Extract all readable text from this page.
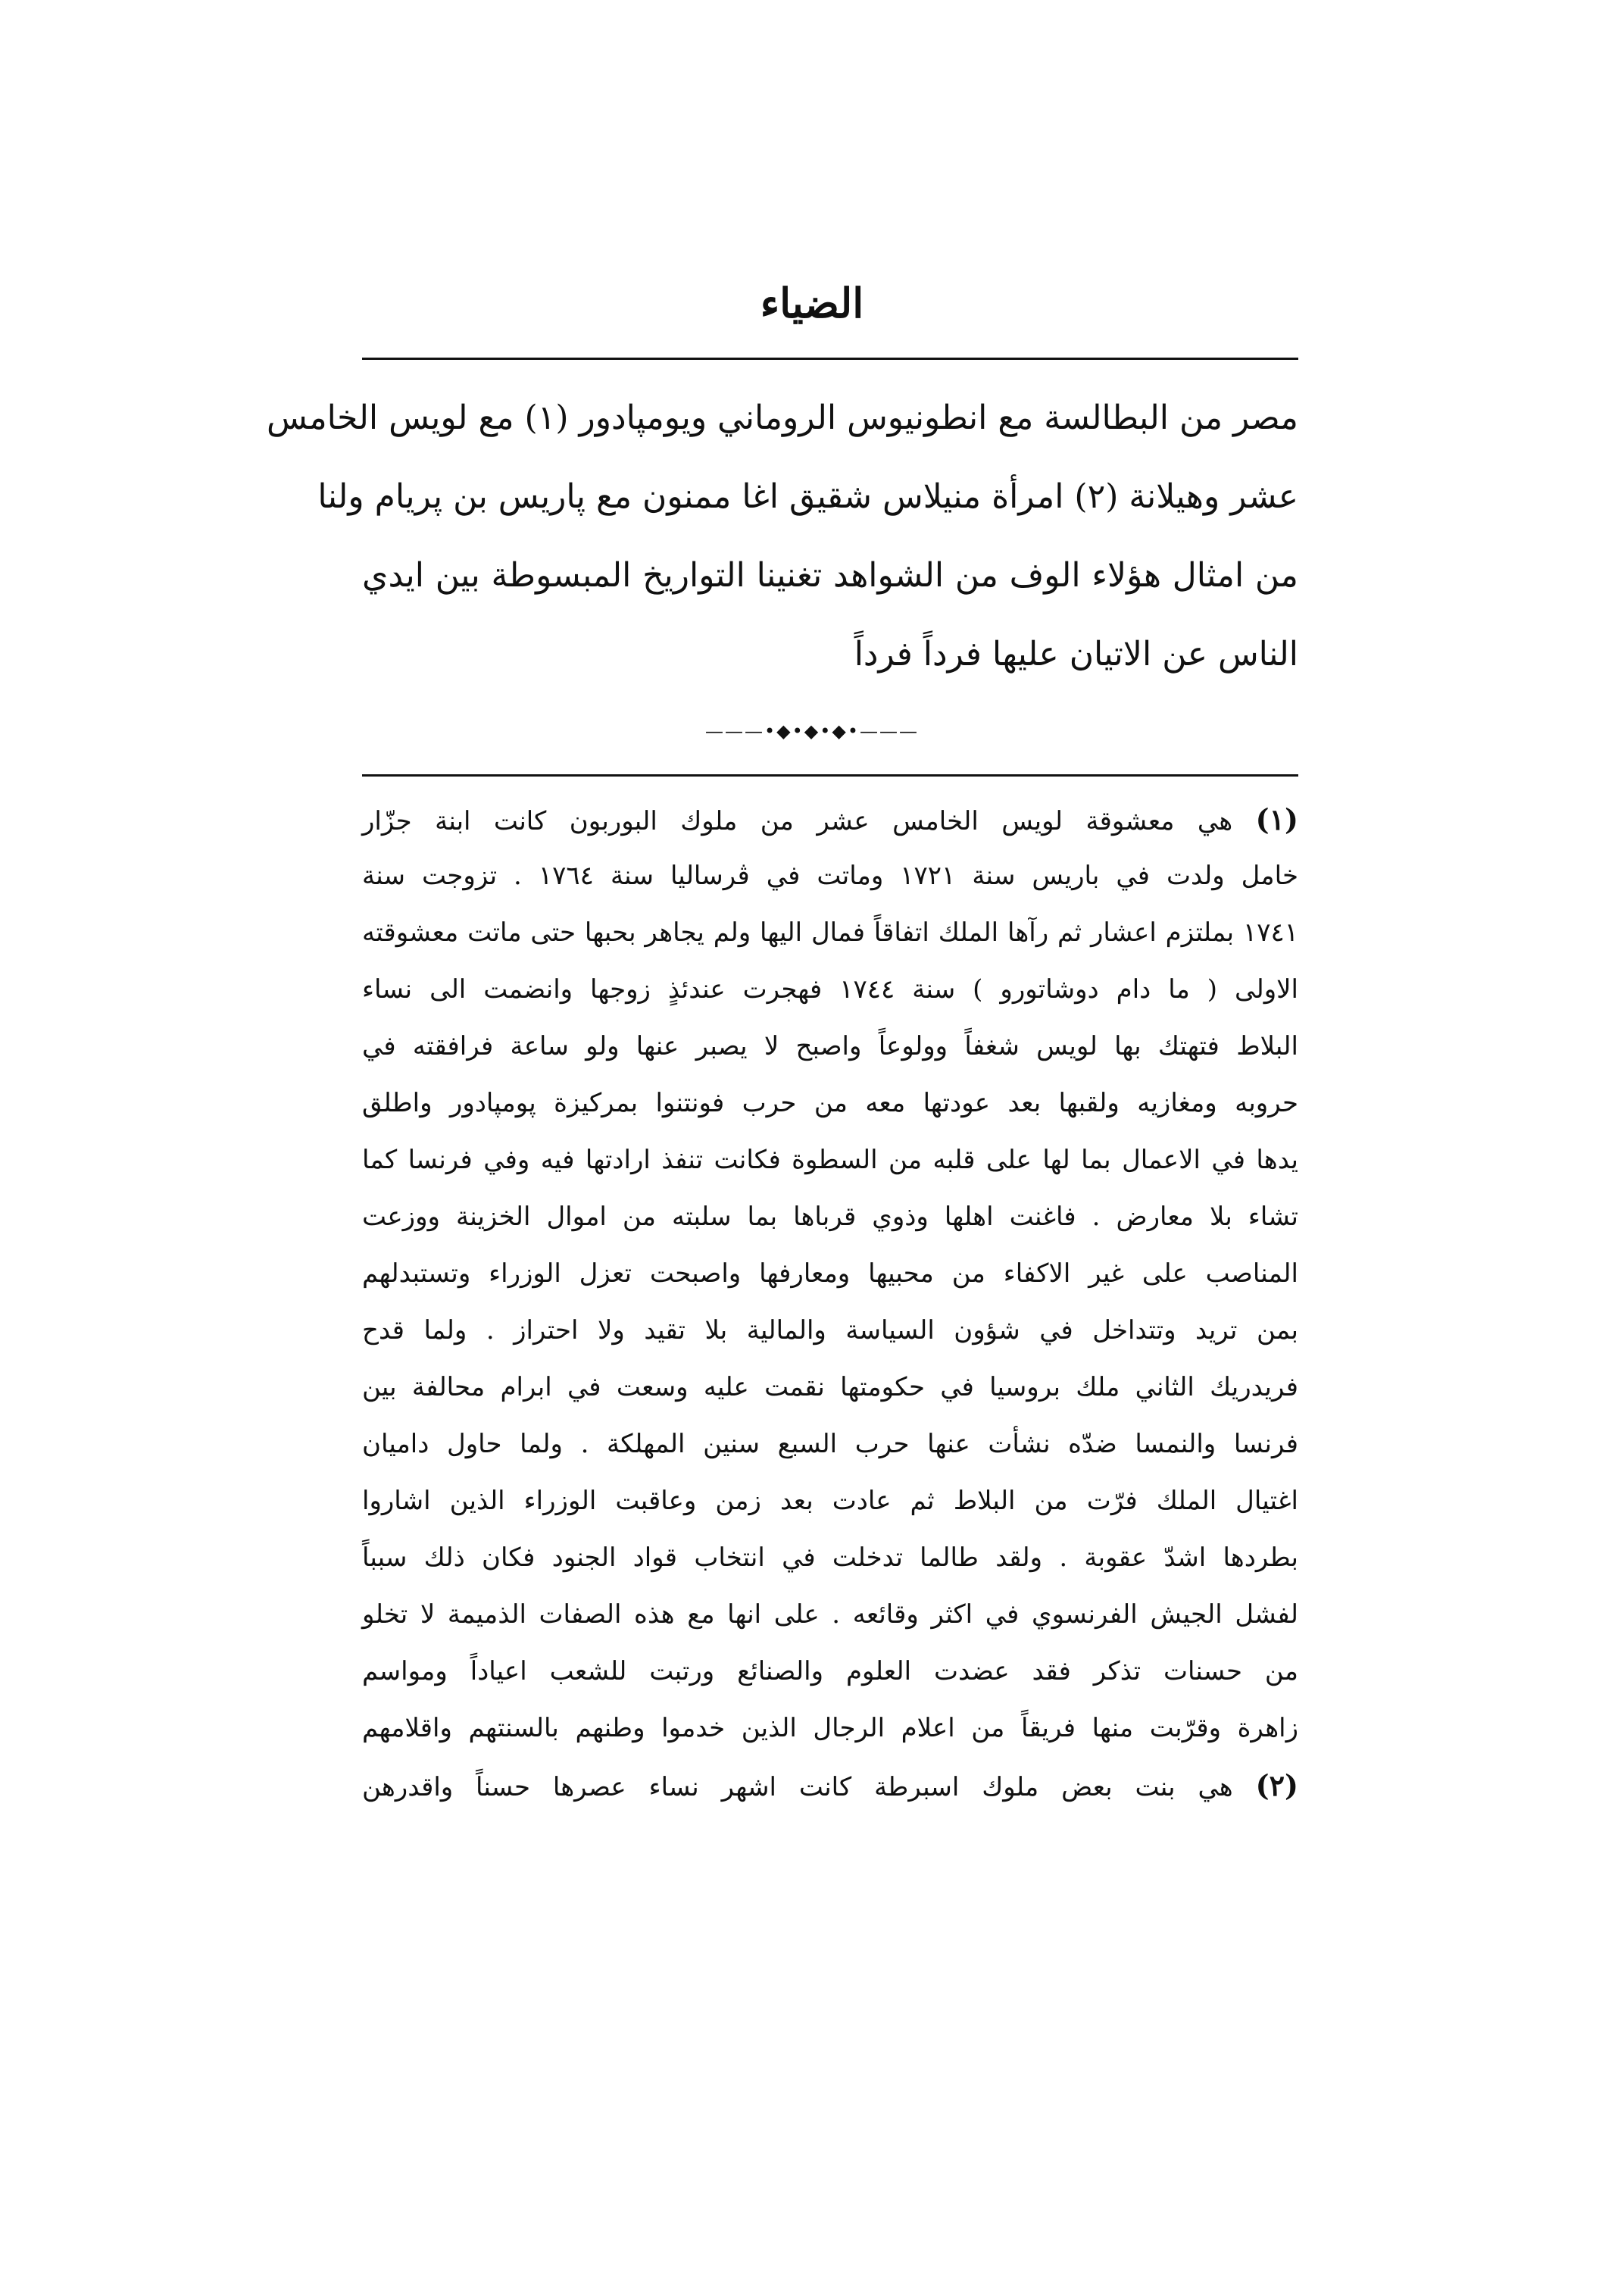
الضياء
مصر من البطالسة مع انطونيوس الروماني ويومپادور (١) مع لويس الخامس
عشر وهيلانة (٢) امرأة منيلاس شقيق اغا ممنون مع پاريس بن پريام ولنا
من امثال هؤلاء الوف من الشواهد تغنينا التواريخ المبسوطة بين ايدي
الناس عن الاتيان عليها فرداً فرداً
———•◆•◆•◆•———
(١) هي معشوقة لويس الخامس عشر من ملوك البوربون كانت ابنة جزّار
خامل ولدت في باريس سنة ١٧٢١ وماتت في ڤرساليا سنة ١٧٦٤ . تزوجت سنة
١٧٤١ بملتزم اعشار ثم رآها الملك اتفاقاً فمال اليها ولم يجاهر بحبها حتى ماتت معشوقته
الاولى ( ما دام دوشاتورو ) سنة ١٧٤٤ فهجرت عندئذٍ زوجها وانضمت الى نساء
البلاط فتهتك بها لويس شغفاً وولوعاً واصبح لا يصبر عنها ولو ساعة فرافقته في
حروبه ومغازيه ولقبها بعد عودتها معه من حرب فونتنوا بمركيزة پومپادور واطلق
يدها في الاعمال بما لها على قلبه من السطوة فكانت تنفذ ارادتها فيه وفي فرنسا كما
تشاء بلا معارض . فاغنت اهلها وذوي قرباها بما سلبته من اموال الخزينة ووزعت
المناصب على غير الاكفاء من محبيها ومعارفها واصبحت تعزل الوزراء وتستبدلهم
بمن تريد وتتداخل في شؤون السياسة والمالية بلا تقيد ولا احتراز . ولما قدح
فريدريك الثاني ملك بروسيا في حكومتها نقمت عليه وسعت في ابرام محالفة بين
فرنسا والنمسا ضدّه نشأت عنها حرب السبع سنين المهلكة . ولما حاول داميان
اغتيال الملك فرّت من البلاط ثم عادت بعد زمن وعاقبت الوزراء الذين اشاروا
بطردها اشدّ عقوبة . ولقد طالما تدخلت في انتخاب قواد الجنود فكان ذلك سبباً
لفشل الجيش الفرنسوي في اكثر وقائعه . على انها مع هذه الصفات الذميمة لا تخلو
من حسنات تذكر فقد عضدت العلوم والصنائع ورتبت للشعب اعياداً ومواسم
زاهرة وقرّبت منها فريقاً من اعلام الرجال الذين خدموا وطنهم بالسنتهم واقلامهم
(٢) هي بنت بعض ملوك اسبرطة كانت اشهر نساء عصرها حسناً واقدرهن
